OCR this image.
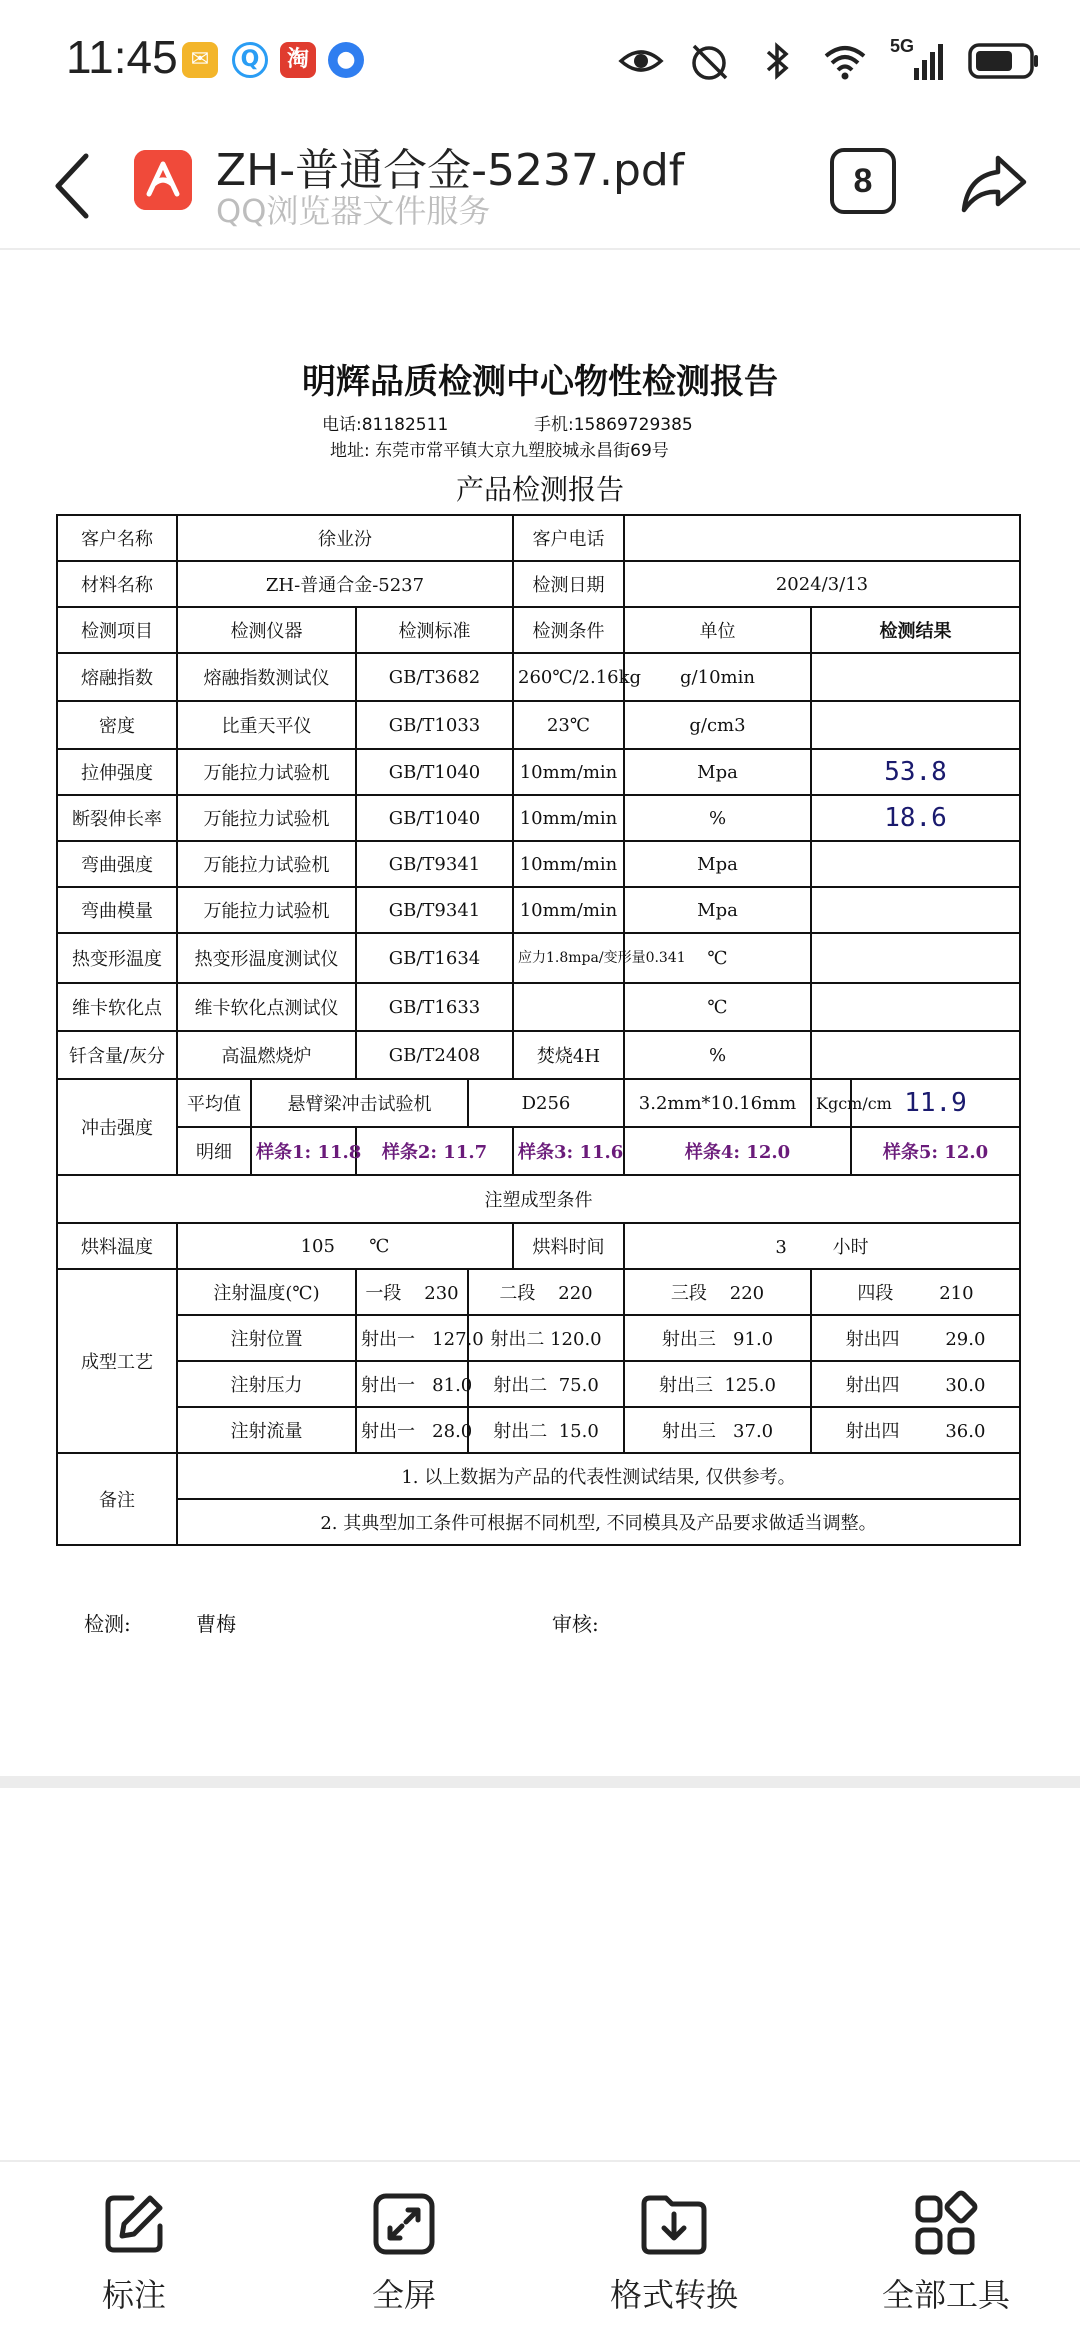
11:45 ✉	Q	淘	●
5G
ZH-普通合金-5237.pdf
QQ浏览器文件服务
8
明辉品质检测中心物性检测报告
电话:81182511	手机:15869729385
地址: 东莞市常平镇大京九塑胶城永昌街69号
产品检测报告
客户名称	徐业汾				客户电话			
材料名称	ZH-普通合金-5237				检测日期	2024/3/13		
检测项目	检测仪器		检测标准		检测条件	单位	检测结果	
熔融指数	熔融指数测试仪		GB/T3682		260℃/2.16kg	g/10min		
密度	比重天平仪		GB/T1033		23℃	g/cm3		
拉伸强度	万能拉力试验机		GB/T1040		10mm/min	Mpa	53.8	
断裂伸长率	万能拉力试验机		GB/T1040		10mm/min	%	18.6	
弯曲强度	万能拉力试验机		GB/T9341		10mm/min	Mpa		
弯曲模量	万能拉力试验机		GB/T9341		10mm/min	Mpa		
热变形温度	热变形温度测试仪		GB/T1634		应力1.8mpa/变形量0.341	℃		
维卡软化点	维卡软化点测试仪		GB/T1633			℃		
钎含量/灰分	高温燃烧炉		GB/T2408		焚烧4H	%		
冲击强度	平均值	悬臂梁冲击试验机		D256		3.2mm*10.16mm	Kgcm/cm	11.9
	明细	样条1: 11.8	样条2: 11.7		样条3: 11.6	样条4: 12.0		样条5: 12.0
注塑成型条件								
烘料温度	105 ℃				烘料时间	3 小时		
成型工艺	注射温度(℃)		一段 230	二段 220		三段 220	四段 210	
	注射位置		射出一 127.0	射出二 120.0		射出三 91.0	射出四 29.0	
	注射压力		射出一 81.0	射出二 75.0		射出三 125.0	射出四 30.0	
	注射流量		射出一 28.0	射出二 15.0		射出三 37.0	射出四 36.0	
备注	1. 以上数据为产品的代表性测试结果, 仅供参考。							
	2. 其典型加工条件可根据不同机型, 不同模具及产品要求做适当调整。							
检测:	曹梅	审核:
标注	全屏	格式转换	全部工具
